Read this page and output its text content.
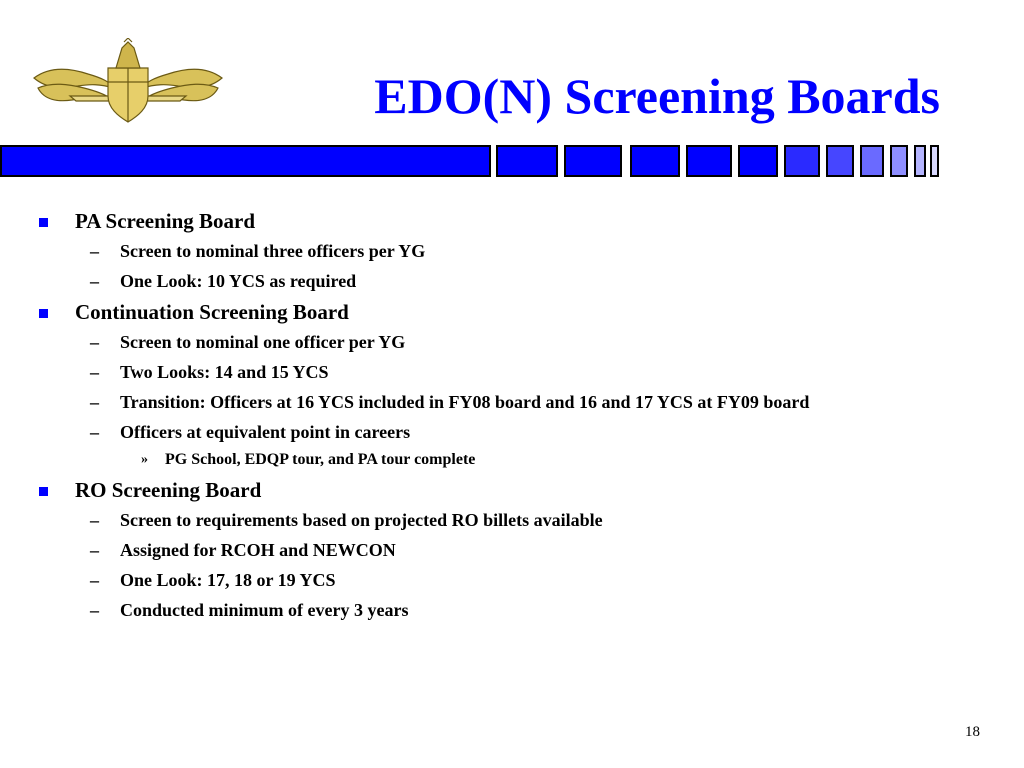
EDO(N) Screening Boards
PA Screening Board
– Screen to nominal three officers per YG
– One Look: 10 YCS as required
Continuation Screening Board
– Screen to nominal one officer per YG
– Two Looks: 14 and 15 YCS
– Transition: Officers at 16 YCS included in FY08 board and 16 and 17 YCS at FY09 board
– Officers at equivalent point in careers
» PG School, EDQP tour, and PA tour complete
RO Screening Board
– Screen to requirements based on projected RO billets available
– Assigned for RCOH and NEWCON
– One Look: 17, 18 or 19 YCS
– Conducted minimum of every 3 years
18
